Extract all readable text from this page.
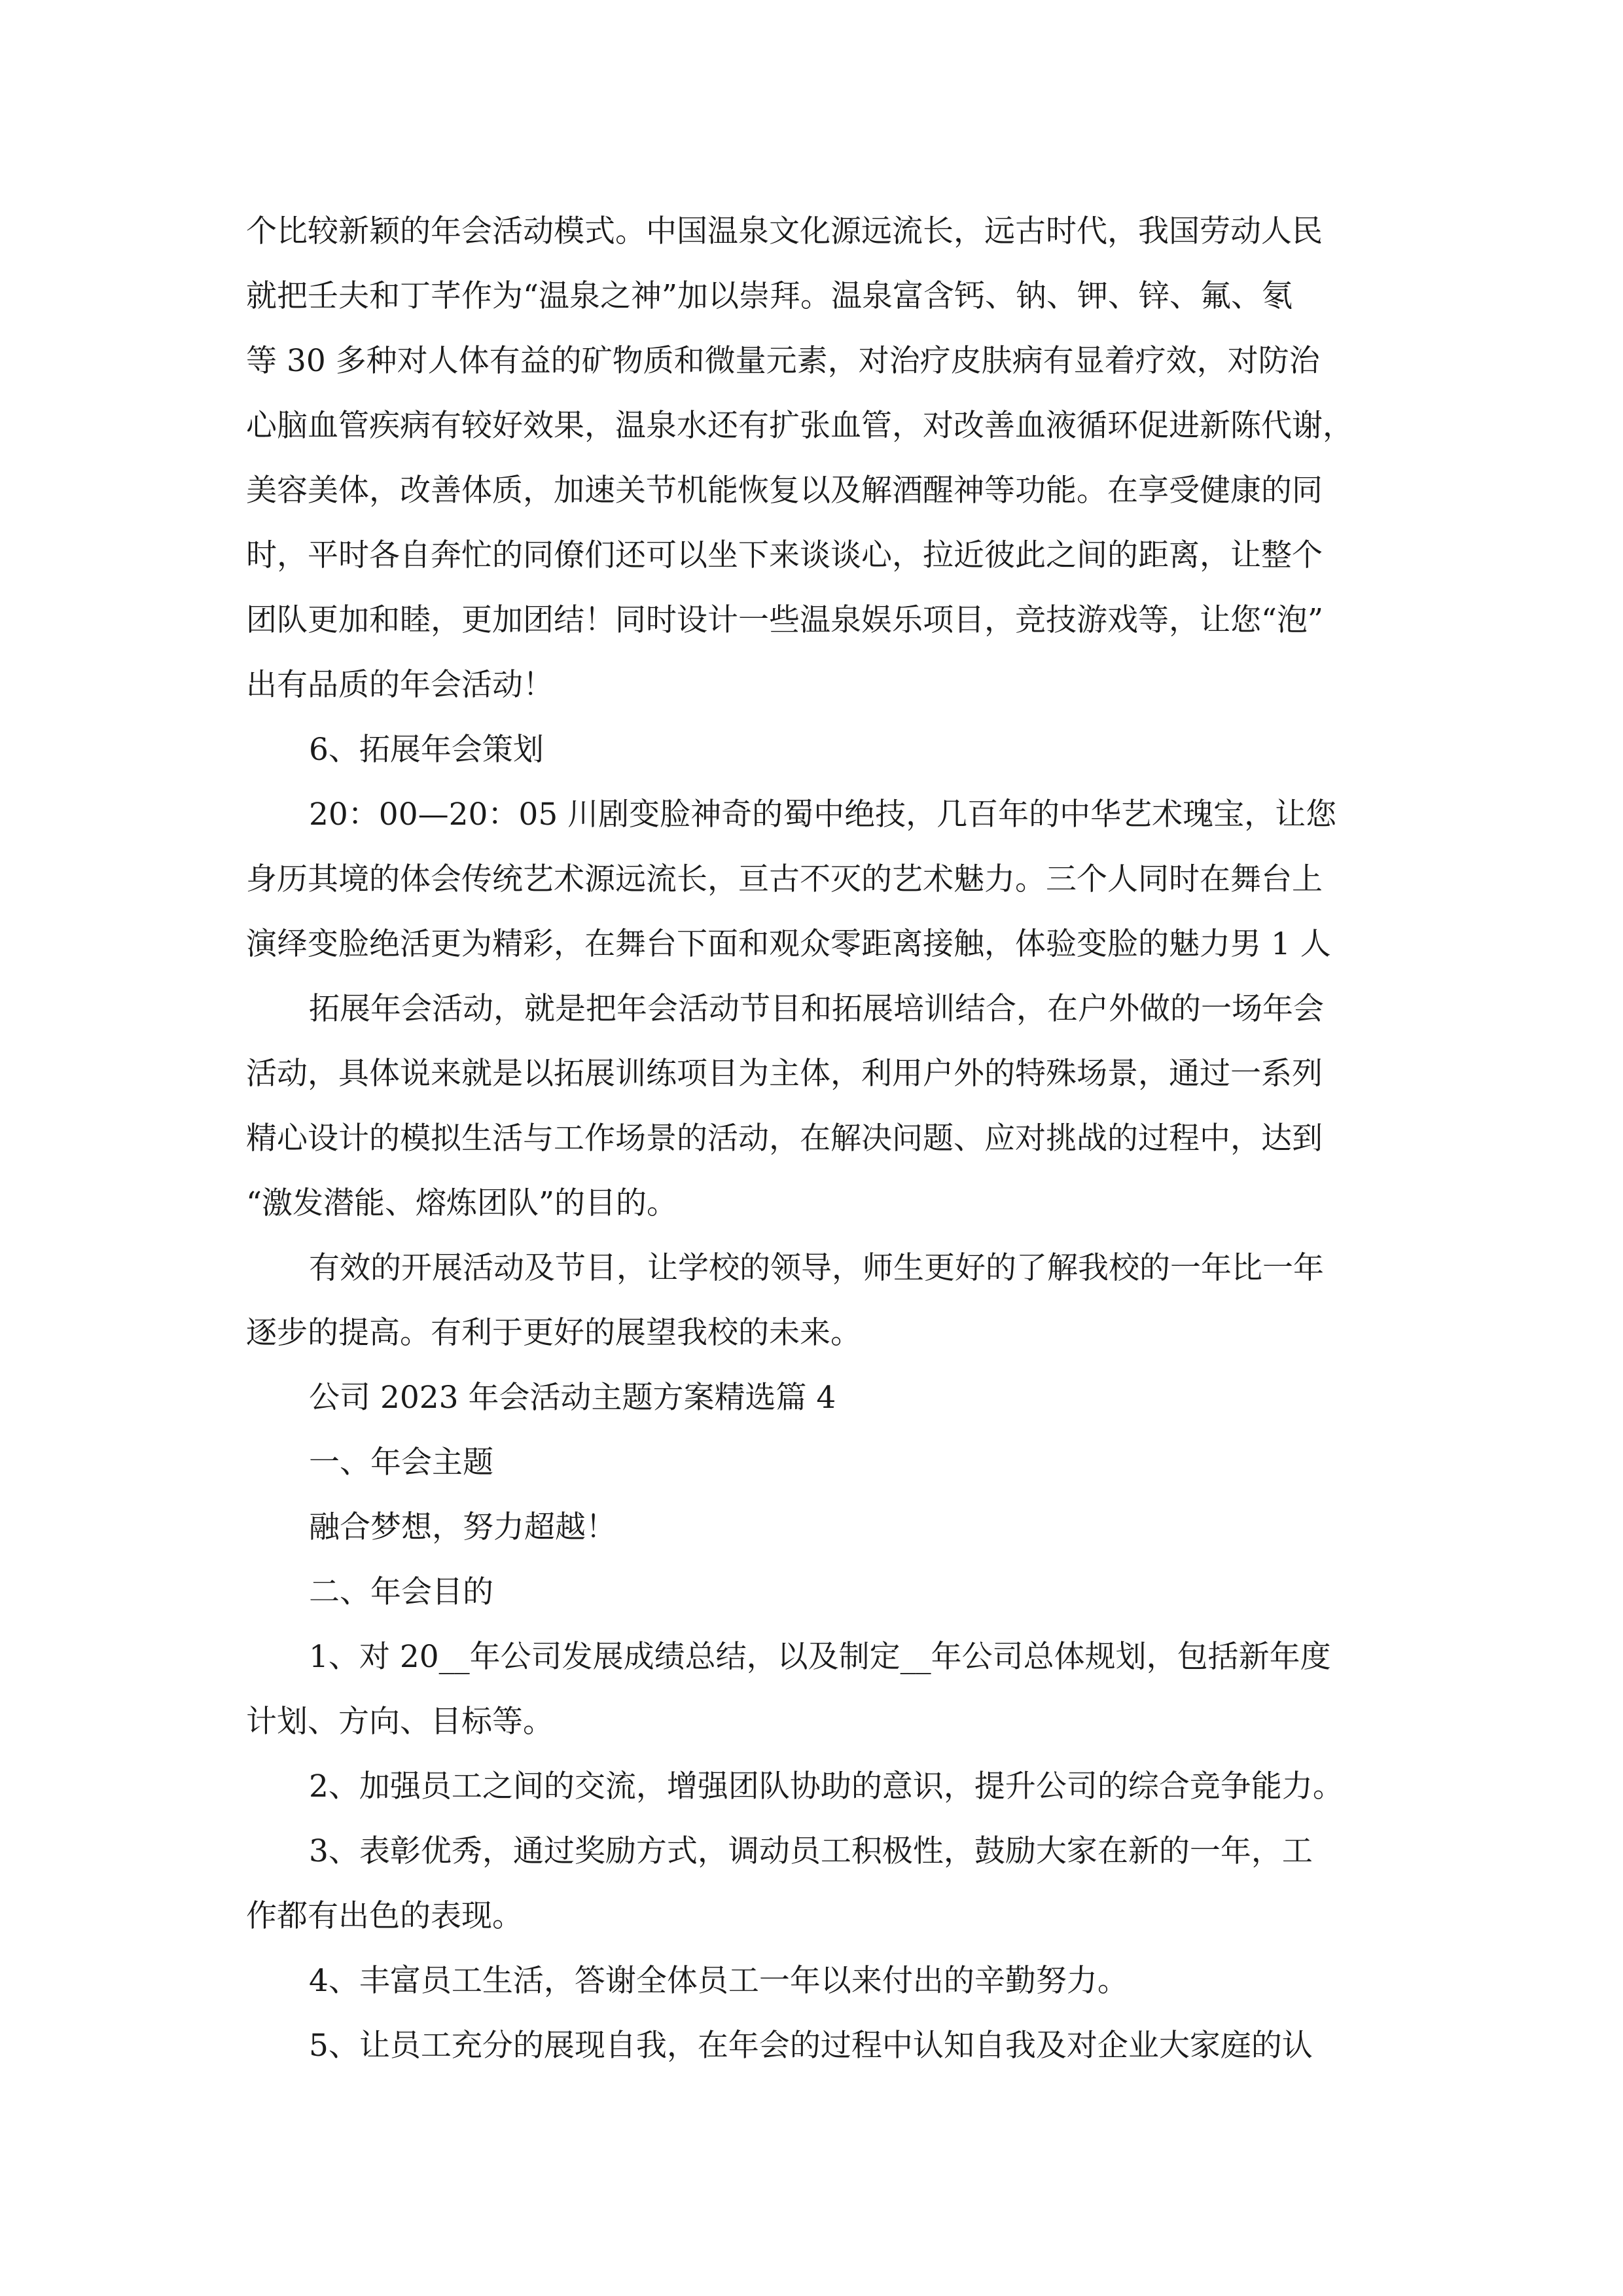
个比较新颖的年会活动模式。中国温泉文化源远流长，远古时代，我国劳动人民
就把壬夫和丁芊作为“温泉之神”加以崇拜。温泉富含钙、钠、钾、锌、氟、氡
等 30 多种对人体有益的矿物质和微量元素，对治疗皮肤病有显着疗效，对防治
心脑血管疾病有较好效果，温泉水还有扩张血管，对改善血液循环促进新陈代谢，
美容美体，改善体质，加速关节机能恢复以及解酒醒神等功能。在享受健康的同
时，平时各自奔忙的同僚们还可以坐下来谈谈心，拉近彼此之间的距离，让整个
团队更加和睦，更加团结！同时设计一些温泉娱乐项目，竞技游戏等，让您“泡”
出有品质的年会活动！
6、拓展年会策划
20：00—20：05 川剧变脸神奇的蜀中绝技，几百年的中华艺术瑰宝，让您
身历其境的体会传统艺术源远流长，亘古不灭的艺术魅力。三个人同时在舞台上
演绎变脸绝活更为精彩，在舞台下面和观众零距离接触，体验变脸的魅力男 1 人
拓展年会活动，就是把年会活动节目和拓展培训结合，在户外做的一场年会
活动，具体说来就是以拓展训练项目为主体，利用户外的特殊场景，通过一系列
精心设计的模拟生活与工作场景的活动，在解决问题、应对挑战的过程中，达到
“激发潜能、熔炼团队”的目的。
有效的开展活动及节目，让学校的领导，师生更好的了解我校的一年比一年
逐步的提高。有利于更好的展望我校的未来。
公司 2023 年会活动主题方案精选篇 4
一、年会主题
融合梦想，努力超越！
二、年会目的
1、对 20__年公司发展成绩总结，以及制定__年公司总体规划，包括新年度
计划、方向、目标等。
2、加强员工之间的交流，增强团队协助的意识，提升公司的综合竞争能力。
3、表彰优秀，通过奖励方式，调动员工积极性，鼓励大家在新的一年，工
作都有出色的表现。
4、丰富员工生活，答谢全体员工一年以来付出的辛勤努力。
5、让员工充分的展现自我，在年会的过程中认知自我及对企业大家庭的认
